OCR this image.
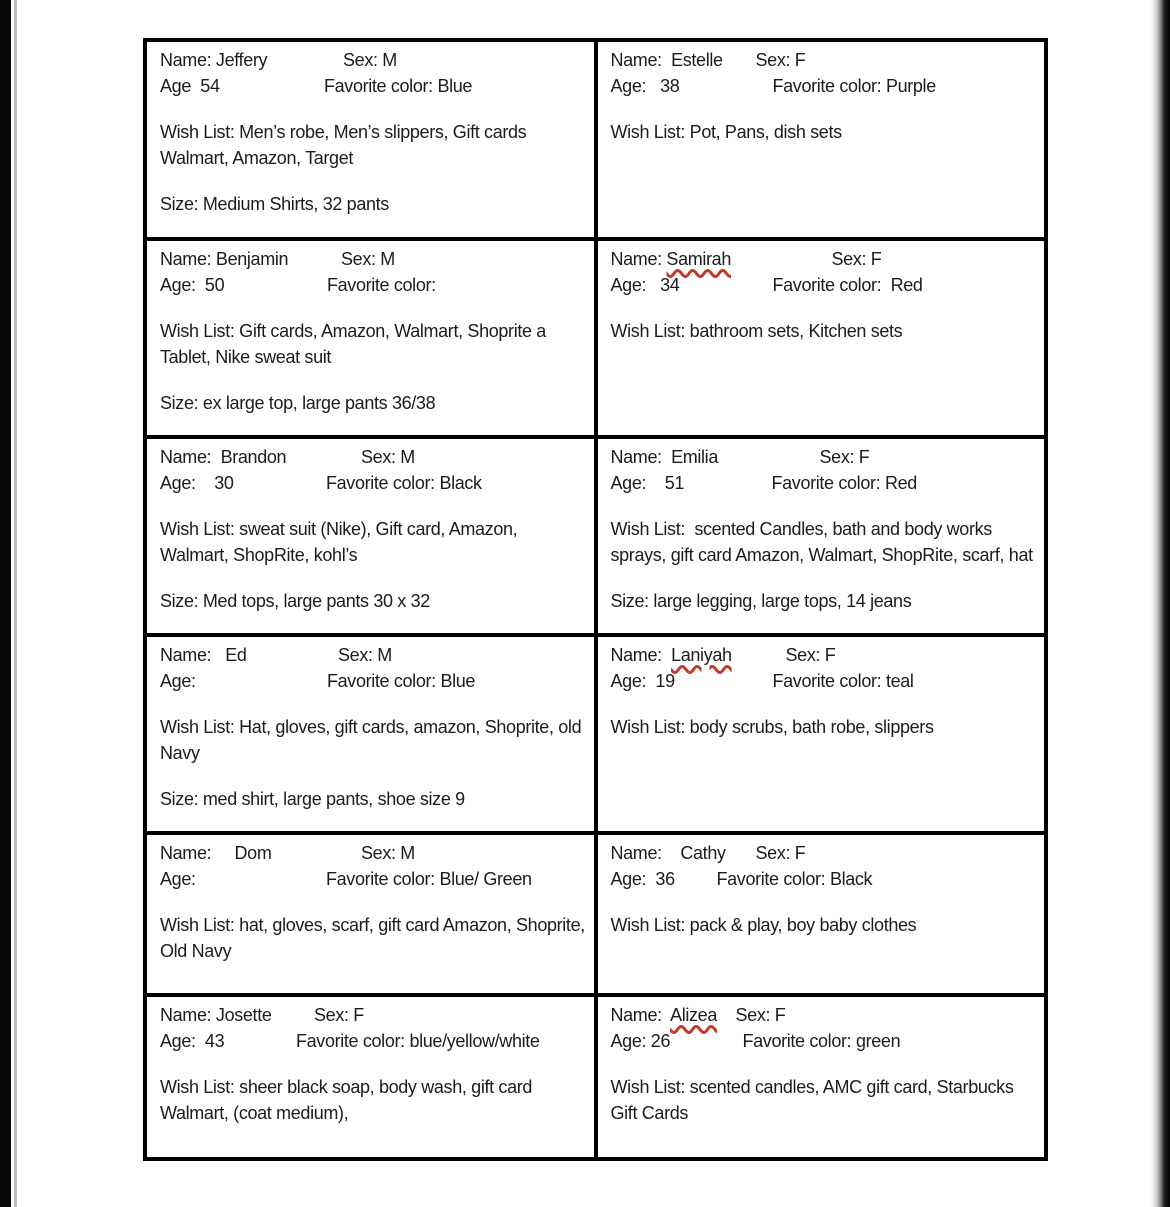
Name: Jeffery	Sex: M
Age  54	Favorite color: Blue
Wish List: Men’s robe, Men’s slippers, Gift cards Walmart, Amazon, Target
Size: Medium Shirts, 32 pants

Name:  Estelle Sex: F
Age:   38	Favorite color: Purple
Wish List: Pot, Pans, dish sets

Name: Benjamin	Sex: M
Age:  50	Favorite color:
Wish List: Gift cards, Amazon, Walmart, Shoprite a Tablet, Nike sweat suit
Size: ex large top, large pants 36/38

Name: Samirah	Sex: F
Age:   34	Favorite color:  Red
Wish List: bathroom sets, Kitchen sets

Name:  Brandon	Sex: M
Age:    30	Favorite color: Black
Wish List: sweat suit (Nike), Gift card, Amazon, Walmart, ShopRite, kohl’s
Size: Med tops, large pants 30 x 32

Name:  Emilia	Sex: F
Age:    51	Favorite color: Red
Wish List:  scented Candles, bath and body works sprays, gift card Amazon, Walmart, ShopRite, scarf, hat
Size: large legging, large tops, 14 jeans

Name:   Ed	Sex: M
Age:	Favorite color: Blue
Wish List: Hat, gloves, gift cards, amazon, Shoprite, old Navy
Size: med shirt, large pants, shoe size 9

Name:  Laniyah	Sex: F
Age:  19	Favorite color: teal
Wish List: body scrubs, bath robe, slippers

Name:     Dom	Sex: M
Age:	Favorite color: Blue/ Green
Wish List: hat, gloves, scarf, gift card Amazon, Shoprite, Old Navy

Name:    Cathy Sex: F
Age:  36 Favorite color: Black
Wish List: pack & play, boy baby clothes

Name: Josette Sex: F
Age:  43	Favorite color: blue/yellow/white
Wish List: sheer black soap, body wash, gift card Walmart, (coat medium),

Name:  Alizea Sex: F
Age: 26	Favorite color: green
Wish List: scented candles, AMC gift card, Starbucks Gift Cards
